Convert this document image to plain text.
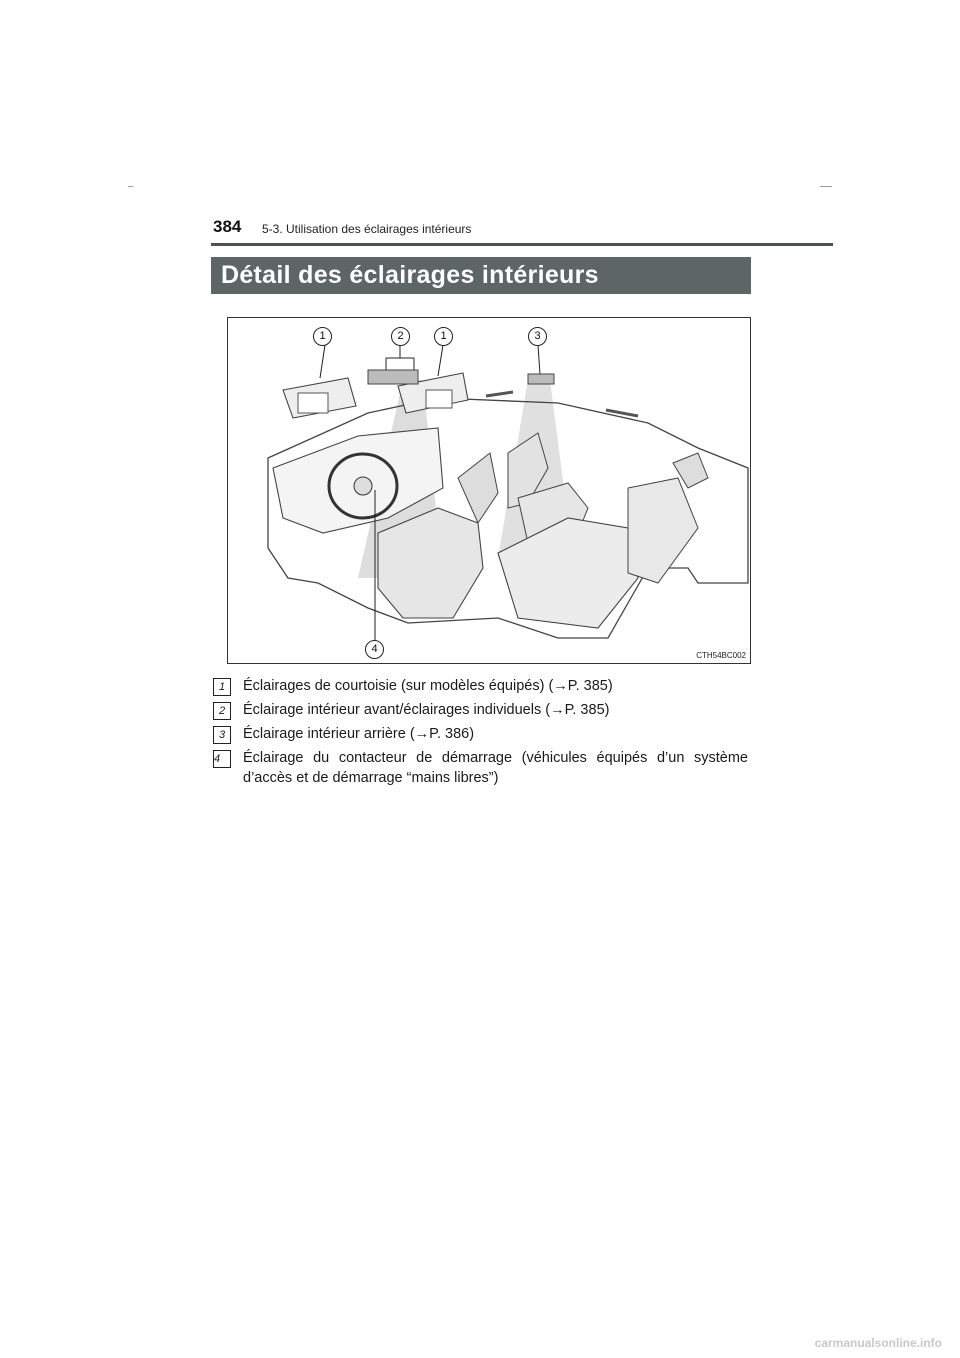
384 5-3. Utilisation des éclairages intérieurs
Détail des éclairages intérieurs
1	2	1	3
4
CTH54BC002
1	Éclairages de courtoisie (sur modèles équipés) (→P. 385)
2	Éclairage intérieur avant/éclairages individuels (→P. 385)
3	Éclairage intérieur arrière (→P. 386)
4	Éclairage du contacteur de démarrage (véhicules équipés d’un système d’accès et de démarrage “mains libres”)
carmanualsonline.info
